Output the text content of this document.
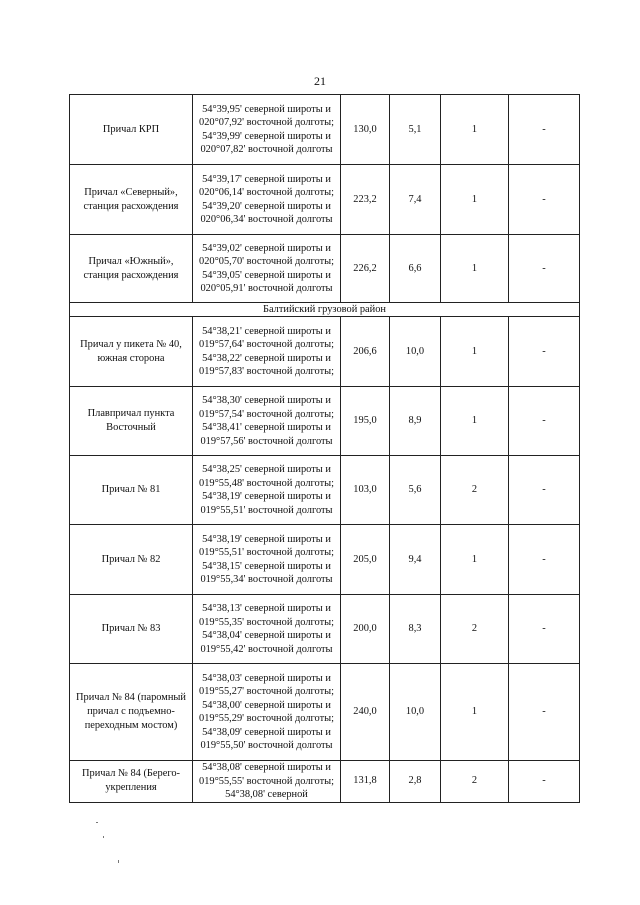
21
Причал КРП	54°39,95' северной широты и 020°07,92' восточной долготы; 54°39,99' северной широты и 020°07,82' восточной долготы	130,0	5,1	1	-
Причал «Северный», станция расхождения	54°39,17' северной широты и 020°06,14' восточной долготы; 54°39,20' северной широты и 020°06,34' восточной долготы	223,2	7,4	1	-
Причал «Южный», станция расхождения	54°39,02' северной широты и 020°05,70' восточной долготы; 54°39,05' северной широты и 020°05,91' восточной долготы	226,2	6,6	1	-
Балтийский грузовой район					
Причал у пикета № 40, южная сторона	54°38,21' северной широты и 019°57,64' восточной долготы; 54°38,22' северной широты и 019°57,83' восточной долготы;	206,6	10,0	1	-
Плавпричал пункта Восточный	54°38,30' северной широты и 019°57,54' восточной долготы; 54°38,41' северной широты и 019°57,56' восточной долготы	195,0	8,9	1	-
Причал № 81	54°38,25' северной широты и 019°55,48' восточной долготы; 54°38,19' северной широты и 019°55,51' восточной долготы	103,0	5,6	2	-
Причал № 82	54°38,19' северной широты и 019°55,51' восточной долготы; 54°38,15' северной широты и 019°55,34' восточной долготы	205,0	9,4	1	-
Причал № 83	54°38,13' северной широты и 019°55,35' восточной долготы; 54°38,04' северной широты и 019°55,42' восточной долготы	200,0	8,3	2	-
Причал № 84 (паромный причал с подъемно-переходным мостом)	54°38,03' северной широты и 019°55,27' восточной долготы; 54°38,00' северной широты и 019°55,29' восточной долготы; 54°38,09' северной широты и 019°55,50' восточной долготы	240,0	10,0	1	-
Причал № 84 (Берего-укрепления	54°38,08' северной широты и 019°55,55' восточной долготы; 54°38,08' северной	131,8	2,8	2	-
